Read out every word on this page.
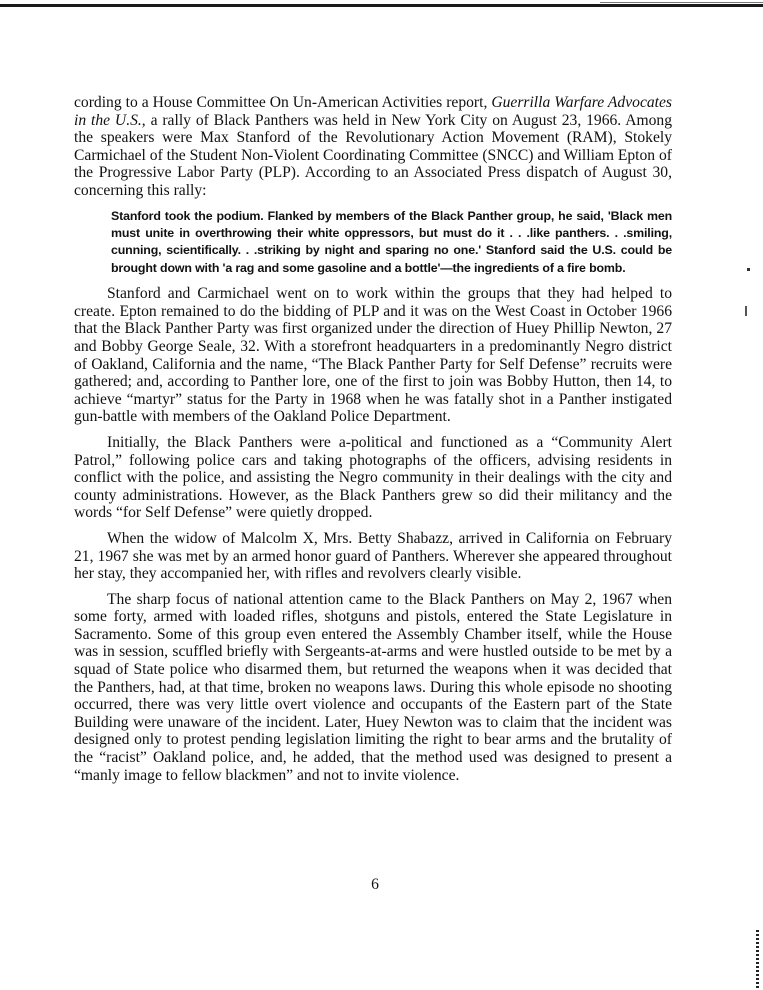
cording to a House Committee On Un-American Activities report, Guerrilla Warfare Advocates in the U.S., a rally of Black Panthers was held in New York City on August 23, 1966. Among the speakers were Max Stanford of the Revolutionary Action Movement (RAM), Stokely Carmichael of the Student Non-Violent Coordinating Committee (SNCC) and William Epton of the Progressive Labor Party (PLP). According to an Associated Press dispatch of August 30, concerning this rally:

Stanford took the podium. Flanked by members of the Black Panther group, he said, 'Black men must unite in overthrowing their white oppressors, but must do it . . .like panthers. . .smiling, cunning, scientifically. . .striking by night and sparing no one.' Stanford said the U.S. could be brought down with 'a rag and some gasoline and a bottle'—the ingredients of a fire bomb.

Stanford and Carmichael went on to work within the groups that they had helped to create. Epton remained to do the bidding of PLP and it was on the West Coast in October 1966 that the Black Panther Party was first organized under the direction of Huey Phillip Newton, 27 and Bobby George Seale, 32. With a storefront headquarters in a predominantly Negro district of Oakland, California and the name, “The Black Panther Party for Self Defense” recruits were gathered; and, according to Panther lore, one of the first to join was Bobby Hutton, then 14, to achieve “martyr” status for the Party in 1968 when he was fatally shot in a Panther instigated gun-battle with members of the Oakland Police Department.

Initially, the Black Panthers were a-political and functioned as a “Community Alert Patrol,” following police cars and taking photographs of the officers, advising residents in conflict with the police, and assisting the Negro community in their dealings with the city and county administrations. However, as the Black Panthers grew so did their militancy and the words “for Self Defense” were quietly dropped.

When the widow of Malcolm X, Mrs. Betty Shabazz, arrived in California on February 21, 1967 she was met by an armed honor guard of Panthers. Wherever she appeared throughout her stay, they accompanied her, with rifles and revolvers clearly visible.

The sharp focus of national attention came to the Black Panthers on May 2, 1967 when some forty, armed with loaded rifles, shotguns and pistols, entered the State Legislature in Sacramento. Some of this group even entered the Assembly Chamber itself, while the House was in session, scuffled briefly with Sergeants-at-arms and were hustled outside to be met by a squad of State police who disarmed them, but returned the weapons when it was decided that the Panthers, had, at that time, broken no weapons laws. During this whole episode no shooting occurred, there was very little overt violence and occupants of the Eastern part of the State Building were unaware of the incident. Later, Huey Newton was to claim that the incident was designed only to protest pending legislation limiting the right to bear arms and the brutality of the “racist” Oakland police, and, he added, that the method used was designed to present a “manly image to fellow blackmen” and not to invite violence.

6
